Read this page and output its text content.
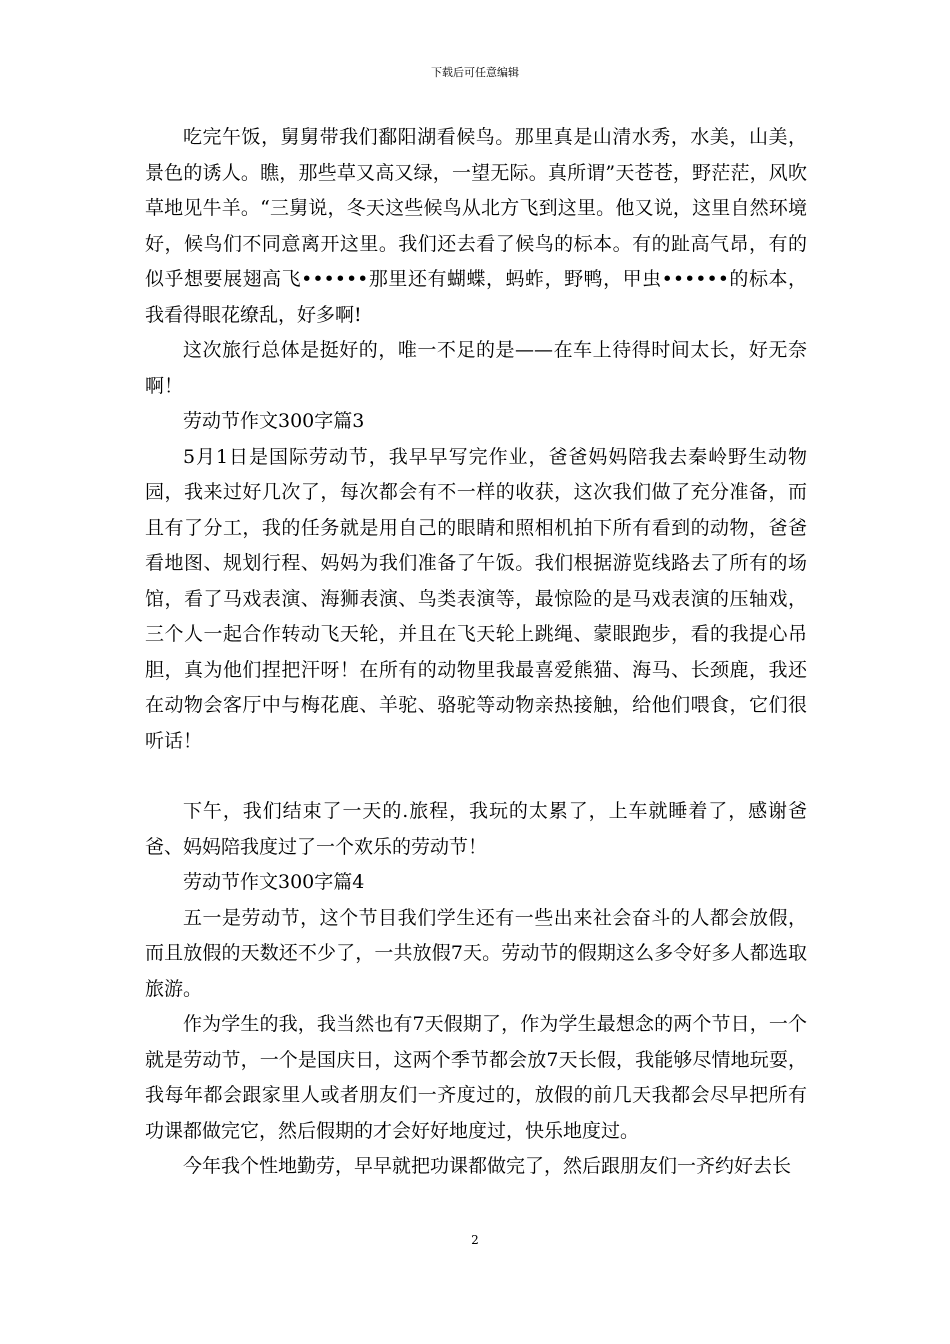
下载后可任意编辑

吃完午饭，舅舅带我们鄱阳湖看候鸟。那里真是山清水秀，水美，山美，景色的诱人。瞧，那些草又高又绿，一望无际。真所谓”天苍苍，野茫茫，风吹草地见牛羊。“三舅说，冬天这些候鸟从北方飞到这里。他又说，这里自然环境好，候鸟们不同意离开这里。我们还去看了候鸟的标本。有的趾高气昂，有的似乎想要展翅高飞••••••那里还有蝴蝶，蚂蚱，野鸭，甲虫••••••的标本，我看得眼花缭乱，好多啊!

这次旅行总体是挺好的，唯一不足的是——在车上待得时间太长，好无奈啊！

劳动节作文300字篇3

5月1日是国际劳动节，我早早写完作业，爸爸妈妈陪我去秦岭野生动物园，我来过好几次了，每次都会有不一样的收获，这次我们做了充分准备，而且有了分工，我的任务就是用自己的眼睛和照相机拍下所有看到的动物，爸爸看地图、规划行程、妈妈为我们准备了午饭。我们根据游览线路去了所有的场馆，看了马戏表演、海狮表演、鸟类表演等，最惊险的是马戏表演的压轴戏，三个人一起合作转动飞天轮，并且在飞天轮上跳绳、蒙眼跑步，看的我提心吊胆，真为他们捏把汗呀！在所有的动物里我最喜爱熊猫、海马、长颈鹿，我还在动物会客厅中与梅花鹿、羊驼、骆驼等动物亲热接触，给他们喂食，它们很听话！

下午，我们结束了一天的.旅程，我玩的太累了，上车就睡着了，感谢爸爸、妈妈陪我度过了一个欢乐的劳动节！

劳动节作文300字篇4

五一是劳动节，这个节目我们学生还有一些出来社会奋斗的人都会放假，而且放假的天数还不少了，一共放假7天。劳动节的假期这么多令好多人都选取旅游。

作为学生的我，我当然也有7天假期了，作为学生最想念的两个节日，一个就是劳动节，一个是国庆日，这两个季节都会放7天长假，我能够尽情地玩耍，我每年都会跟家里人或者朋友们一齐度过的，放假的前几天我都会尽早把所有功课都做完它，然后假期的才会好好地度过，快乐地度过。

今年我个性地勤劳，早早就把功课都做完了，然后跟朋友们一齐约好去长

2
